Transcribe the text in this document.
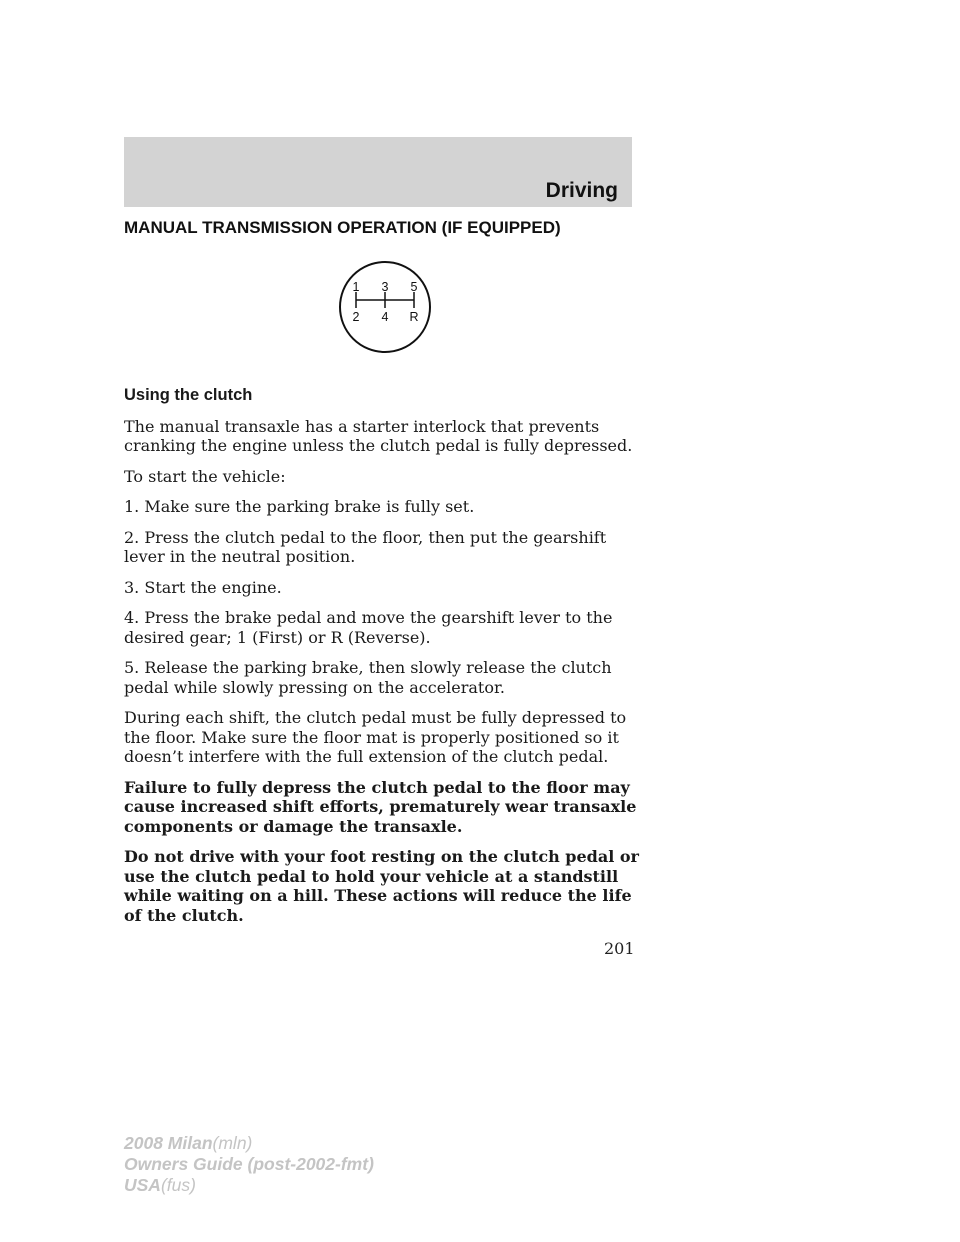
Driving
MANUAL TRANSMISSION OPERATION (IF EQUIPPED)
1 3 5
2 4 R

Using the clutch

The manual transaxle has a starter interlock that prevents cranking the engine unless the clutch pedal is fully depressed.

To start the vehicle:

1. Make sure the parking brake is fully set.

2. Press the clutch pedal to the floor, then put the gearshift lever in the neutral position.

3. Start the engine.

4. Press the brake pedal and move the gearshift lever to the desired gear; 1 (First) or R (Reverse).

5. Release the parking brake, then slowly release the clutch pedal while slowly pressing on the accelerator.

During each shift, the clutch pedal must be fully depressed to the floor. Make sure the floor mat is properly positioned so it doesn’t interfere with the full extension of the clutch pedal.

Failure to fully depress the clutch pedal to the floor may cause increased shift efforts, prematurely wear transaxle components or damage the transaxle.

Do not drive with your foot resting on the clutch pedal or use the clutch pedal to hold your vehicle at a standstill while waiting on a hill. These actions will reduce the life of the clutch.

201
2008 Milan(mln)
Owners Guide (post-2002-fmt)
USA(fus)
